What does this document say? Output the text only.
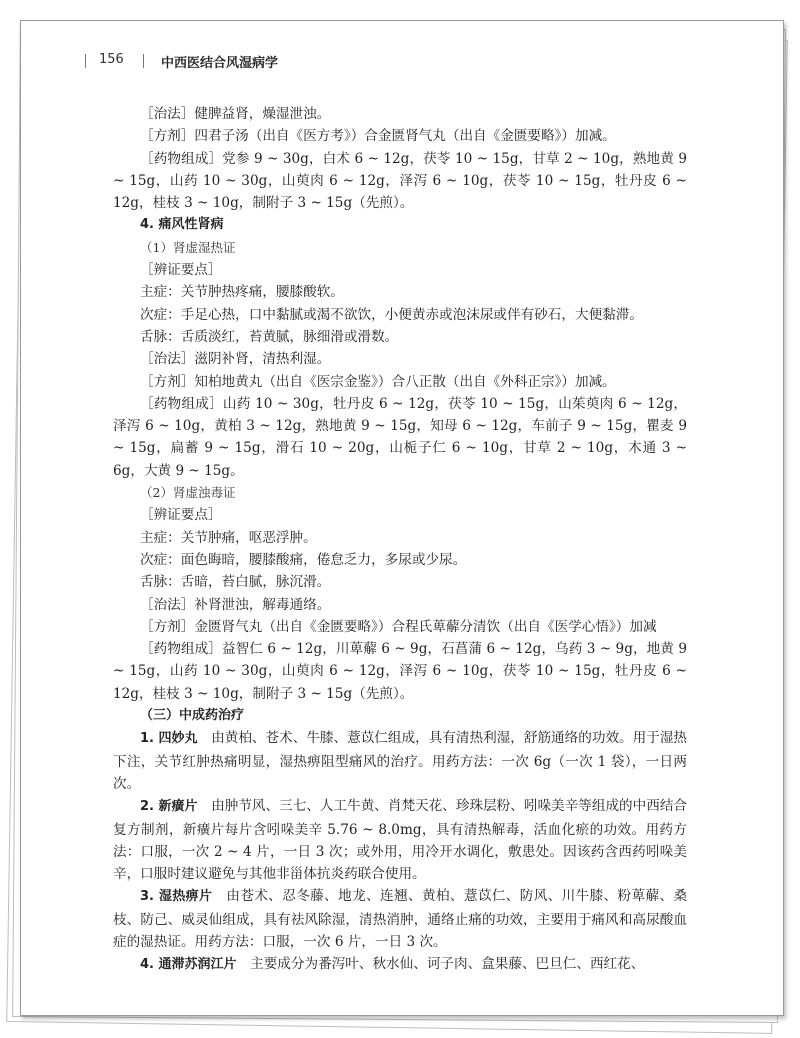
156	中西医结合风湿病学

［治法］健脾益肾，燥湿泄浊。

［方剂］四君子汤（出自《医方考》）合金匮肾气丸（出自《金匮要略》）加减。

［药物组成］党参 9 ~ 30g，白术 6 ~ 12g，茯苓 10 ~ 15g，甘草 2 ~ 10g，熟地黄 9 ~ 15g，山药 10 ~ 30g，山萸肉 6 ~ 12g，泽泻 6 ~ 10g，茯苓 10 ~ 15g，牡丹皮 6 ~ 12g，桂枝 3 ~ 10g，制附子 3 ~ 15g（先煎）。

4. 痛风性肾病

（1）肾虚湿热证

［辨证要点］

主症：关节肿热疼痛，腰膝酸软。

次症：手足心热，口中黏腻或渴不欲饮，小便黄赤或泡沫尿或伴有砂石，大便黏滞。

舌脉：舌质淡红，苔黄腻，脉细滑或滑数。

［治法］滋阴补肾，清热利湿。

［方剂］知柏地黄丸（出自《医宗金鉴》）合八正散（出自《外科正宗》）加减。

［药物组成］山药 10 ~ 30g，牡丹皮 6 ~ 12g，茯苓 10 ~ 15g，山茱萸肉 6 ~ 12g，泽泻 6 ~ 10g，黄柏 3 ~ 12g，熟地黄 9 ~ 15g，知母 6 ~ 12g，车前子 9 ~ 15g，瞿麦 9 ~ 15g，扁蓄 9 ~ 15g，滑石 10 ~ 20g，山栀子仁 6 ~ 10g，甘草 2 ~ 10g，木通 3 ~ 6g，大黄 9 ~ 15g。

（2）肾虚浊毒证

［辨证要点］

主症：关节肿痛，呕恶浮肿。

次症：面色晦暗，腰膝酸痛，倦怠乏力，多尿或少尿。

舌脉：舌暗，苔白腻，脉沉滑。

［治法］补肾泄浊，解毒通络。

［方剂］金匮肾气丸（出自《金匮要略》）合程氏萆薢分清饮（出自《医学心悟》）加减

［药物组成］益智仁 6 ~ 12g，川萆薢 6 ~ 9g，石菖蒲 6 ~ 12g，乌药 3 ~ 9g，地黄 9 ~ 15g，山药 10 ~ 30g，山萸肉 6 ~ 12g，泽泻 6 ~ 10g，茯苓 10 ~ 15g，牡丹皮 6 ~ 12g，桂枝 3 ~ 10g，制附子 3 ~ 15g（先煎）。

（三）中成药治疗

1. 四妙丸　 由黄柏、苍术、牛膝、薏苡仁组成，具有清热利湿，舒筋通络的功效。用于湿热下注，关节红肿热痛明显，湿热痹阻型痛风的治疗。用药方法：一次 6g（一次 1 袋），一日两次。

2. 新癀片　 由肿节风、三七、人工牛黄、肖梵天花、珍珠层粉、吲哚美辛等组成的中西结合复方制剂，新癀片每片含吲哚美辛 5.76 ~ 8.0mg，具有清热解毒，活血化瘀的功效。用药方法：口服，一次 2 ~ 4 片，一日 3 次；或外用，用冷开水调化，敷患处。因该药含西药吲哚美辛，口服时建议避免与其他非甾体抗炎药联合使用。

3. 湿热痹片　 由苍术、忍冬藤、地龙、连翘、黄柏、薏苡仁、防风、川牛膝、粉萆薢、桑枝、防己、威灵仙组成，具有祛风除湿，清热消肿，通络止痛的功效，主要用于痛风和高尿酸血症的湿热证。用药方法：口服，一次 6 片，一日 3 次。

4. 通滞苏润江片　 主要成分为番泻叶、秋水仙、诃子肉、盒果藤、巴旦仁、西红花、
